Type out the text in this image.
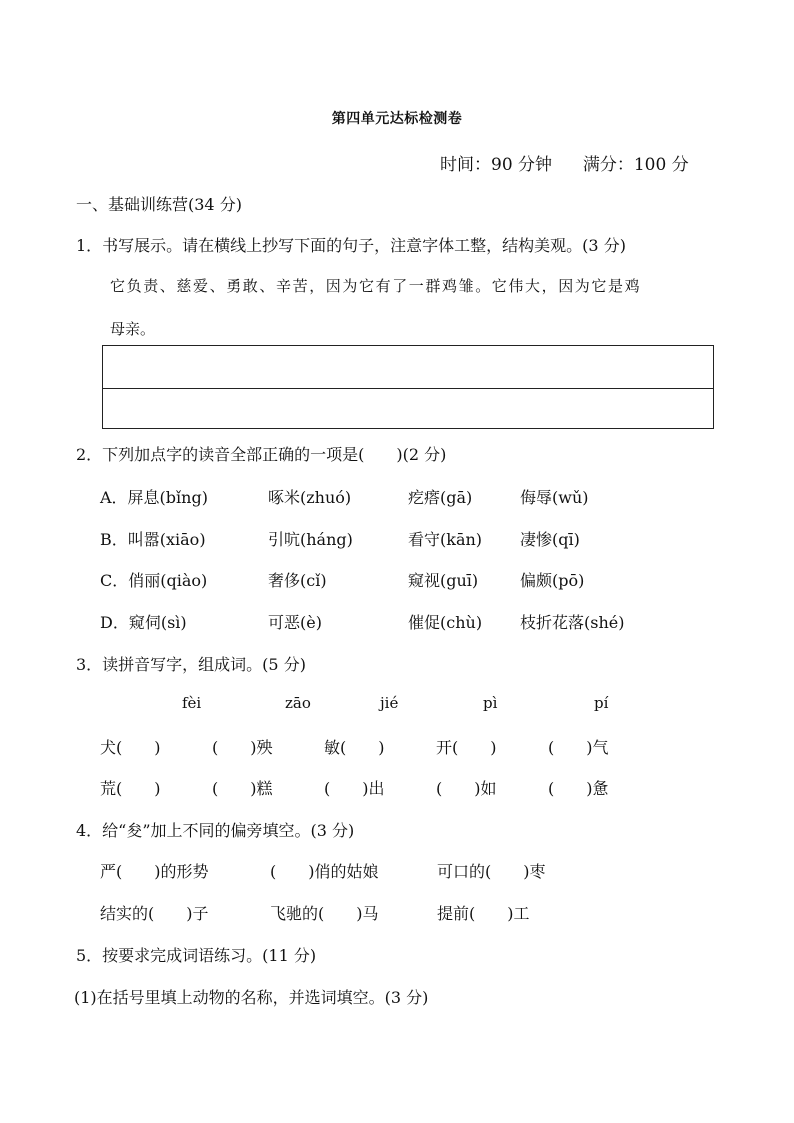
第四单元达标检测卷
时间：90 分钟 满分：100 分
一、基础训练营(34 分)
1．书写展示。请在横线上抄写下面的句子，注意字体工整，结构美观。(3 分)
它负责、慈爱、勇敢、辛苦，因为它有了一群鸡雏。它伟大，因为它是鸡
母亲。
2．下列加点字的读音全部正确的一项是(　　)(2 分)
A．屏息(bǐng)	啄米(zhuó)	疙瘩(gā)	侮辱(wǔ)
B．叫嚣(xiāo)	引吭(háng)	看守(kān) 凄惨(qī)
C．俏丽(qiào)	奢侈(cǐ)	窥视(guī)	偏颇(pō)
D．窥伺(sì)	可恶(è)	催促(chù) 枝折花落(shé)
3．读拼音写字，组成词。(5 分)
fèi	zāo	jié	pì	pí
犬(　　)	(　　)殃	敏(　　)	开(　　)	(　　)气
荒(　　)	(　　)糕	(　　)出	(　　)如	(　　)惫
4．给“夋”加上不同的偏旁填空。(3 分)
严(　　)的形势	(　　)俏的姑娘	可口的(　　)枣
结实的(　　)子	飞驰的(　　)马	提前(　　)工
5．按要求完成词语练习。(11 分)
(1)在括号里填上动物的名称，并选词填空。(3 分)
